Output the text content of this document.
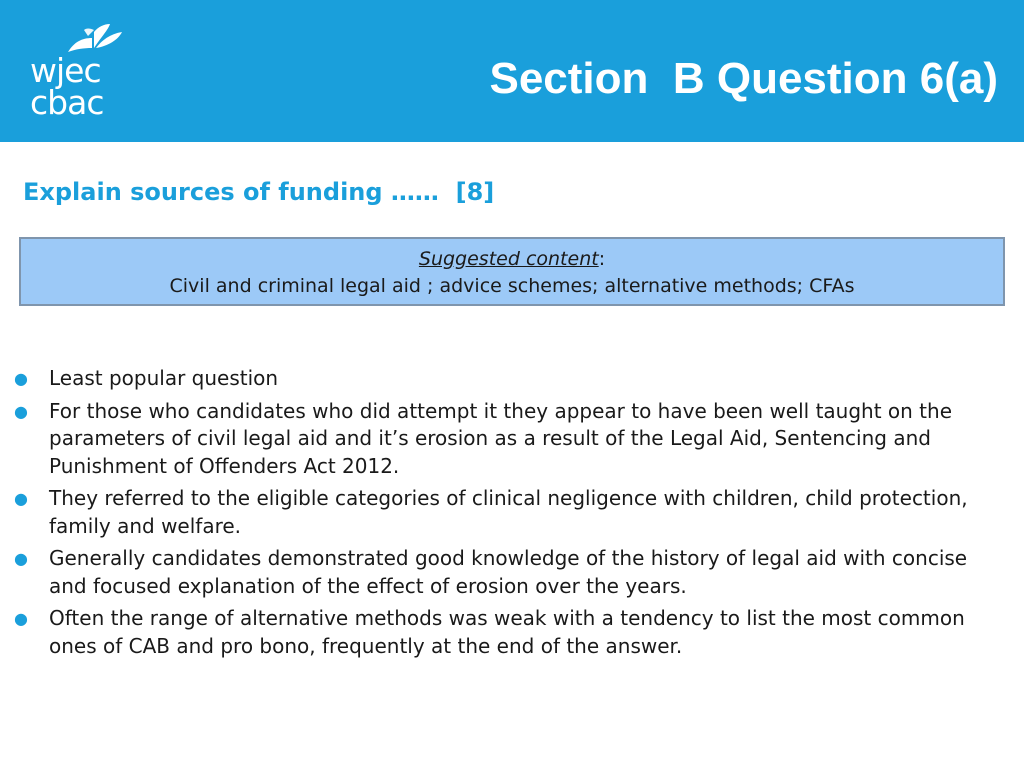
wjec
cbac	Section  B Question 6(a)
Explain sources of funding ……  [8]
Suggested content:
Civil and criminal legal aid ; advice schemes; alternative methods; CFAs
● Least popular question
● For those who candidates who did attempt it they appear to have been well taught on the parameters of civil legal aid and it’s erosion as a result of the Legal Aid, Sentencing and Punishment of Offenders Act 2012.
● They referred to the eligible categories of clinical negligence with children, child protection, family and welfare.
● Generally candidates demonstrated good knowledge of the history of legal aid with concise and focused explanation of the effect of erosion over the years.
● Often the range of alternative methods was weak with a tendency to list the most common ones of CAB and pro bono, frequently at the end of the answer.
